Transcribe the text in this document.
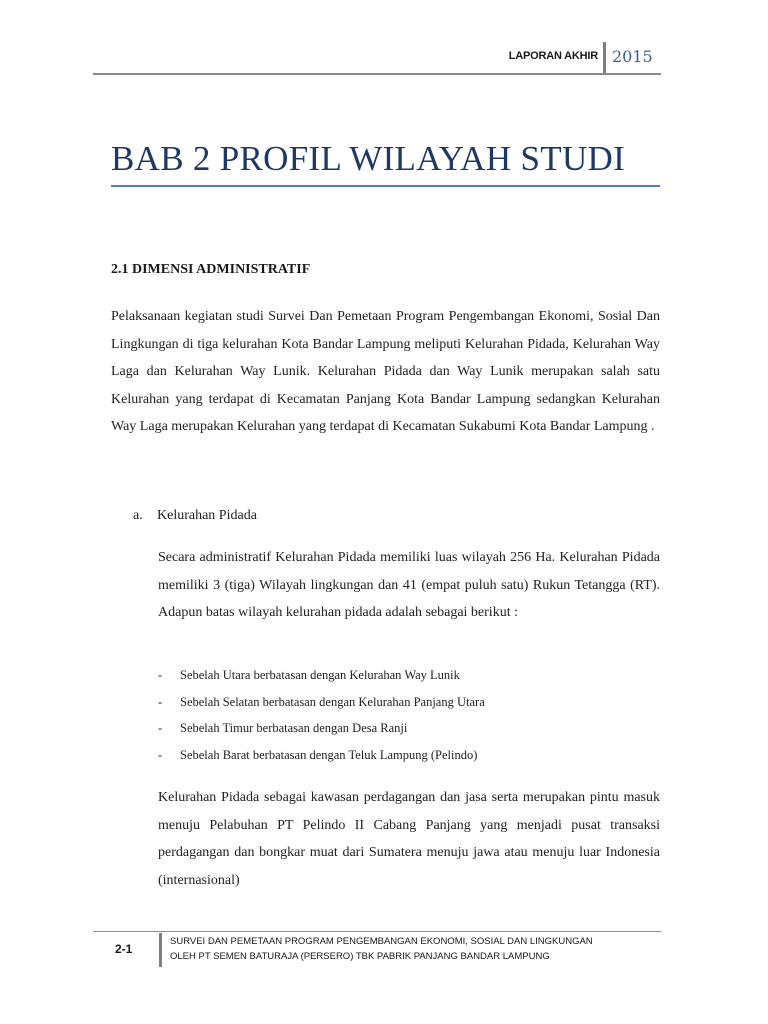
LAPORAN AKHIR 2015
BAB 2 PROFIL WILAYAH STUDI
2.1 DIMENSI ADMINISTRATIF

Pelaksanaan kegiatan studi Survei Dan Pemetaan Program Pengembangan Ekonomi, Sosial Dan Lingkungan di tiga kelurahan Kota Bandar Lampung meliputi Kelurahan Pidada, Kelurahan Way Laga dan Kelurahan Way Lunik. Kelurahan Pidada dan Way Lunik merupakan salah satu Kelurahan yang terdapat di Kecamatan Panjang Kota Bandar Lampung sedangkan Kelurahan Way Laga merupakan Kelurahan yang terdapat di Kecamatan Sukabumi Kota Bandar Lampung .

a. Kelurahan Pidada

Secara administratif Kelurahan Pidada memiliki luas wilayah 256 Ha. Kelurahan Pidada memiliki 3 (tiga) Wilayah lingkungan dan 41 (empat puluh satu) Rukun Tetangga (RT). Adapun batas wilayah kelurahan pidada adalah sebagai berikut :

- Sebelah Utara berbatasan dengan Kelurahan Way Lunik
- Sebelah Selatan berbatasan dengan Kelurahan Panjang Utara
- Sebelah Timur berbatasan dengan Desa Ranji
- Sebelah Barat berbatasan dengan Teluk Lampung (Pelindo)

Kelurahan Pidada sebagai kawasan perdagangan dan jasa serta merupakan pintu masuk menuju Pelabuhan PT Pelindo II Cabang Panjang yang menjadi pusat transaksi perdagangan dan bongkar muat dari Sumatera menuju jawa atau menuju luar Indonesia (internasional)

2-1
SURVEI DAN PEMETAAN PROGRAM PENGEMBANGAN EKONOMI, SOSIAL DAN LINGKUNGAN
OLEH PT SEMEN BATURAJA (PERSERO) TBK PABRIK PANJANG BANDAR LAMPUNG
